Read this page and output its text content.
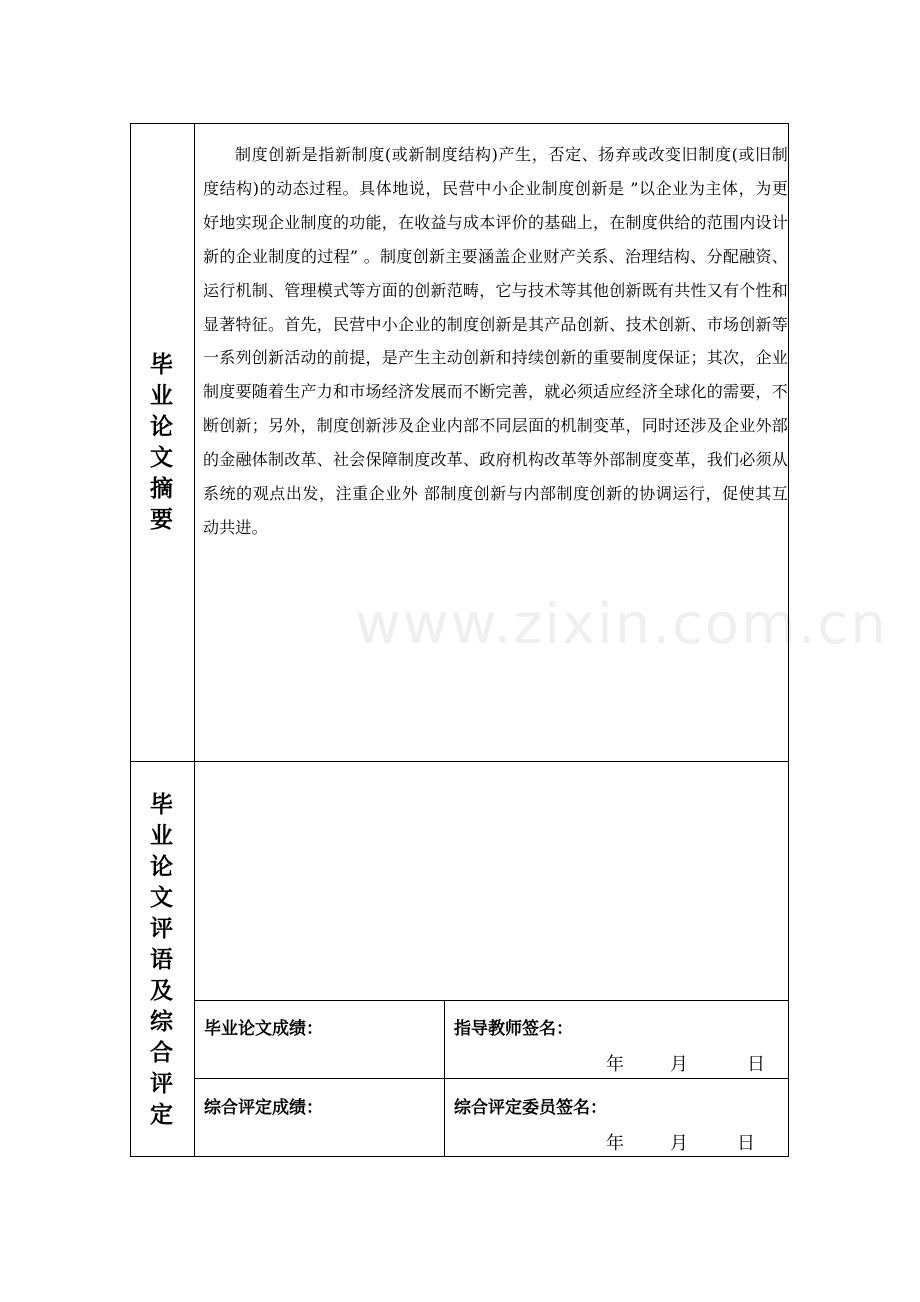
毕
业
论
文
摘
要

制度创新是指新制度(或新制度结构)产生，否定、扬弃或改变旧制度(或旧制度结构)的动态过程。具体地说，民营中小企业制度创新是 ”以企业为主体，为更好地实现企业制度的功能，在收益与成本评价的基础上，在制度供给的范围内设计新的企业制度的过程” 。制度创新主要涵盖企业财产关系、治理结构、分配融资、运行机制、管理模式等方面的创新范畴，它与技术等其他创新既有共性又有个性和显著特征。首先，民营中小企业的制度创新是其产品创新、技术创新、市场创新等一系列创新活动的前提，是产生主动创新和持续创新的重要制度保证；其次，企业制度要随着生产力和市场经济发展而不断完善，就必须适应经济全球化的需要，不断创新；另外，制度创新涉及企业内部不同层面的机制变革，同时还涉及企业外部的金融体制改革、社会保障制度改革、政府机构改革等外部制度变革，我们必须从系统的观点出发，注重企业外 部制度创新与内部制度创新的协调运行，促使其互动共进。

www.zixin.com.cn
毕
业
论
文
评
语
及
综
合
评
定
毕业论文成绩：	指导教师签名：
年	月	日
综合评定成绩：	综合评定委员签名：
年	月	日
